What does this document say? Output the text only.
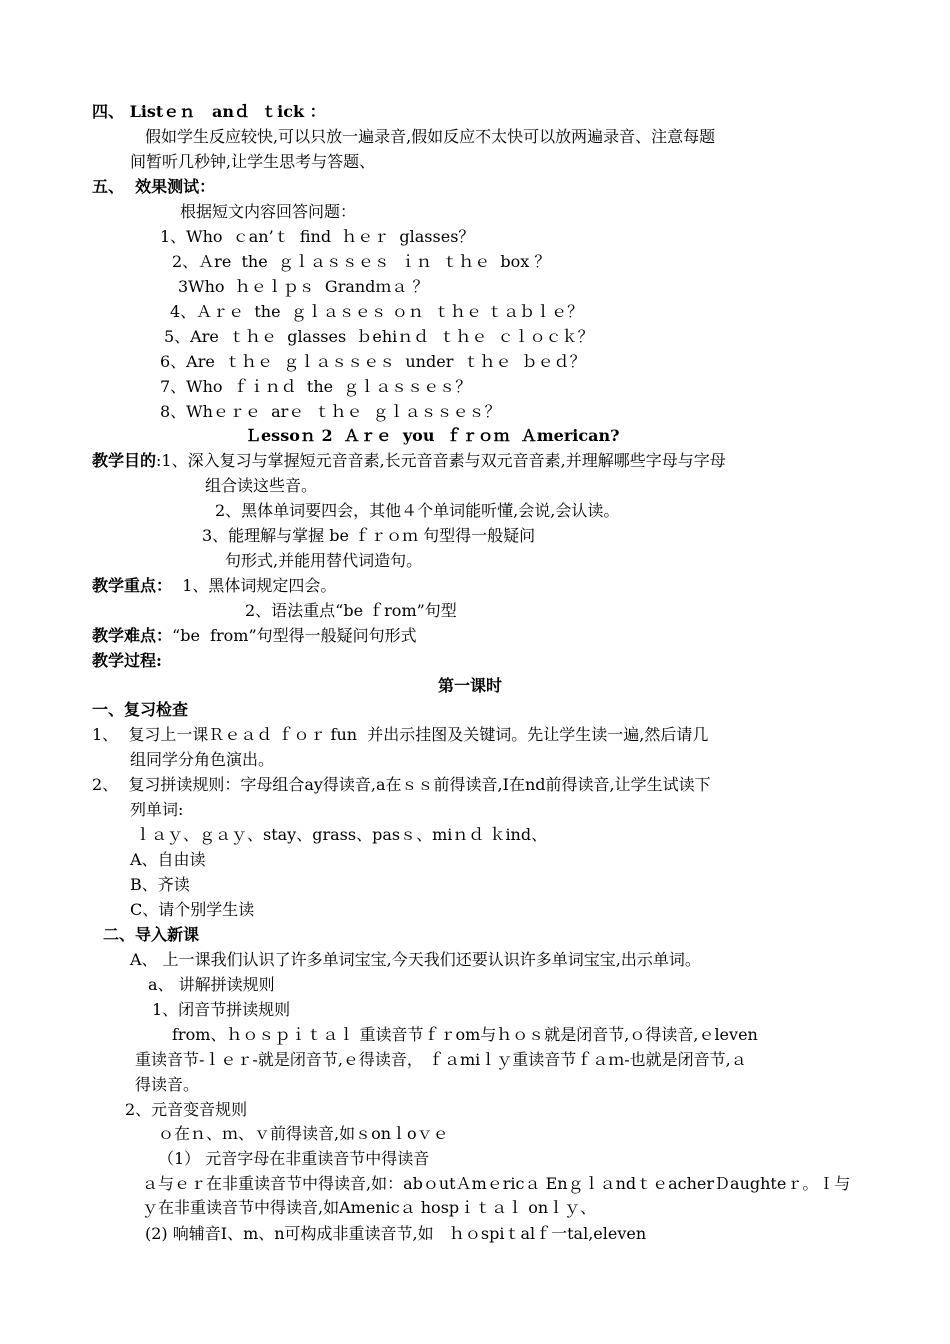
四、 Listｅｎ   anｄ  ｔick ：
假如学生反应较快,可以只放一遍录音,假如反应不太快可以放两遍录音、注意每题
间暂听几秒钟,让学生思考与答题、
五、  效果测试：
根据短文内容回答问题：
1、Who  ｃan’ｔ  find  ｈｅｒ  glasses？
2、Ａre  the  ｇｌａｓｓｅｓ  ｉｎ  ｔｈｅ  box ？
3Who  ｈｅｌｐｓ  Grandｍａ ？
4、Ａｒｅ  the  ｇｌａｓｅｓ ｏｎ  ｔｈｅ ｔａｂｌｅ？
5、Are  ｔｈｅ  glasses  ｂehiｎｄ  ｔｈｅ  ｃｌｏｃｋ？
6、Are  ｔｈｅ  ｇｌａｓｓｅｓ  under  ｔｈｅ  ｂｅｄ？
7、Who  ｆｉｎｄ  the  ｇｌａｓｓｅｓ？
8、Whｅｒｅ  arｅ  ｔｈｅ  ｇｌａｓｓｅｓ？
Ｌessoｎ 2  Ａｒｅ  you  ｆｒｏｍ  Ａmerican?
教学目的:1、深入复习与掌握短元音音素,长元音音素与双元音音素,并理解哪些字母与字母
组合读这些音。
2、黑体单词要四会，其他４个单词能听懂,会说,会认读。
3、能理解与掌握 be ｆｒｏｍ 句型得一般疑问
句形式,并能用替代词造句。
教学重点：  1、黑体词规定四会。
2、语法重点“be ｆrom”句型
教学难点：“be  from”句型得一般疑问句形式
教学过程:
第一课时
一、复习检查
1、  复习上一课Ｒｅａｄ ｆｏｒ fun  并出示挂图及关键词。先让学生读一遍,然后请几
组同学分角色演出。
2、  复习拼读规则：字母组合ay得读音,a在ｓｓ前得读音,I在nd前得读音,让学生试读下
列单词:
ｌａｙ、ｇａｙ、stay、grass、pasｓ、miｎｄ ｋind、
A、自由读
B、齐读
C、请个别学生读
二、导入新课
A、 上一课我们认识了许多单词宝宝,今天我们还要认识许多单词宝宝,出示单词。
a、 讲解拼读规则
1、闭音节拼读规则
from、ｈｏｓｐｉｔａｌ 重读音节ｆｒom与ｈｏｓ就是闭音节,ｏ得读音,ｅleven
重读音节-ｌｅｒ-就是闭音节,ｅ得读音， ｆａmiｌｙ重读音节ｆａｍ-也就是闭音节,ａ
得读音。
2、元音变音规则
ｏ在ｎ、ｍ、ｖ前得读音,如ｓonｌoｖｅ
（1） 元音字母在非重读音节中得读音
ａ与ｅｒ在非重读音节中得读音,如：abｏutＡmｅricａ EnｇｌａndｔｅacherＤaughteｒ。Ｉ与ｙ在非重读音节中得读音,如Amenicａ hospｉｔａｌ onｌｙ、
(2) 响辅音I、m、n可构成非重读音节,如   ｈｏspiｔalｆ一tal,eleven
